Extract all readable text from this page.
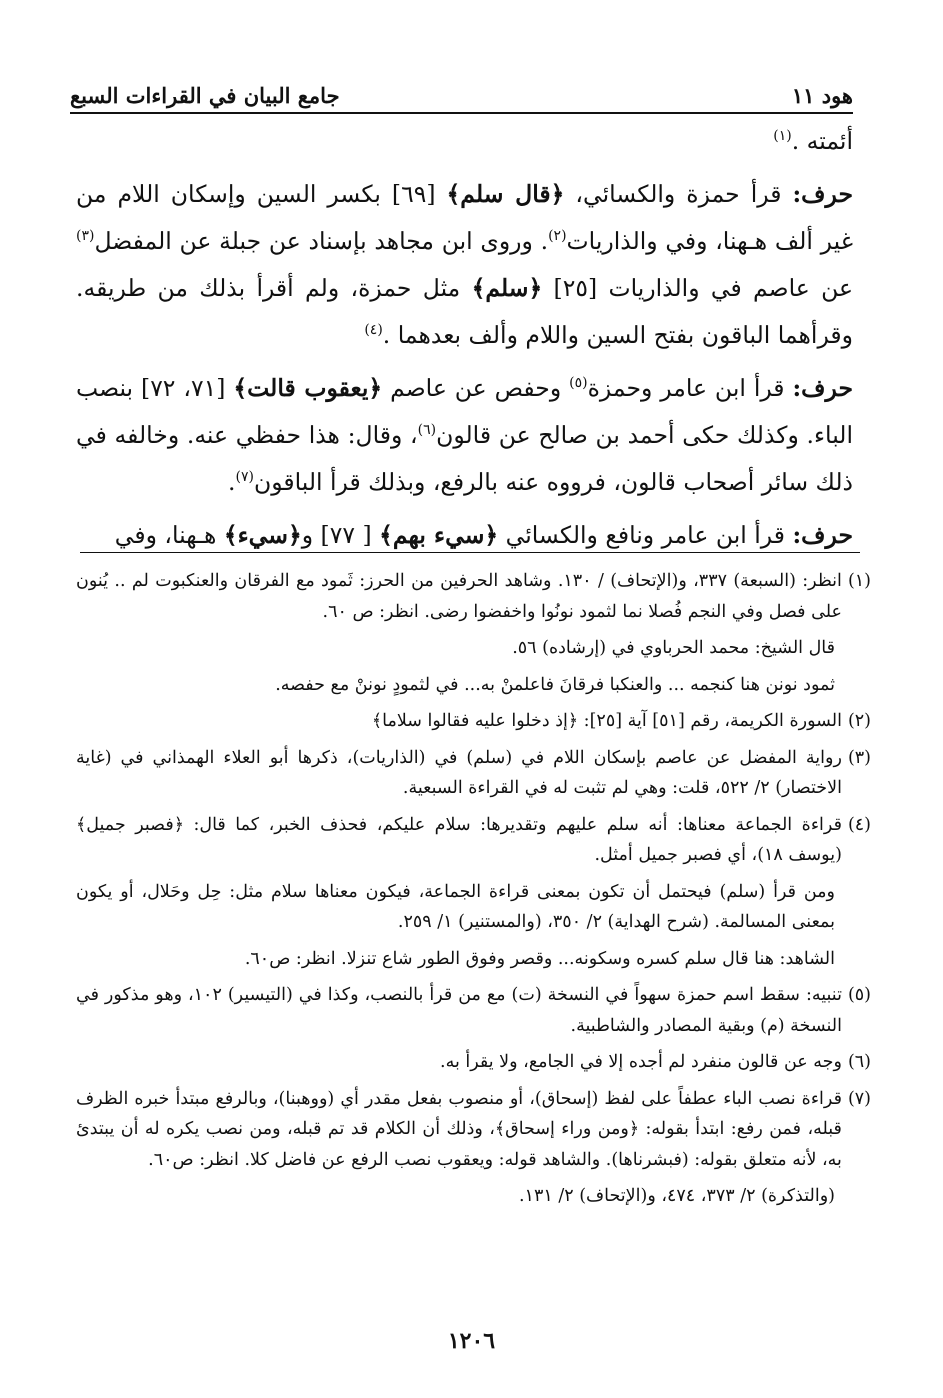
هود ١١
جامع البيان في القراءات السبع

أئمته .$^{(١)}$

حرف: قرأ حمزة والكسائي، ﴿قال سلم﴾ [٦٩] بكسر السين وإسكان اللام من غير ألف هـهنا، وفي والذاريات$^{(٢)}$. وروى ابن مجاهد بإسناد عن جبلة عن المفضل$^{(٣)}$ عن عاصم في والذاريات [٢٥] ﴿سلم﴾ مثل حمزة، ولم أقرأ بذلك من طريقه. وقرأهما الباقون بفتح السين واللام وألف بعدهما .$^{(٤)}$

حرف: قرأ ابن عامر وحمزة$^{(٥)}$ وحفص عن عاصم ﴿يعقوب قالت﴾ [٧١، ٧٢] بنصب الباء. وكذلك حكى أحمد بن صالح عن قالون$^{(٦)}$، وقال: هذا حفظي عنه. وخالفه في ذلك سائر أصحاب قالون، فرووه عنه بالرفع، وبذلك قرأ الباقون$^{(٧)}$.

حرف: قرأ ابن عامر ونافع والكسائي ﴿سيء بهم﴾ [ ٧٧] و﴿سيء﴾ هـهنا، وفي

(١)
انظر: (السبعة) ٣٣٧، و(الإتحاف) / ١٣٠. وشاهد الحرفين من الحرز: ثَمود مع الفرقان والعنكبوت لم .. يُنون على فصل وفي النجم فُصلا نما لثمود نونُوا واخفضوا رضى. انظر: ص ٦٠.
قال الشيخ: محمد الحرباوي في (إرشاده) ٥٦.
ثمود نونن هنا كنجمه ... والعنكبا فرقانَ فاعلمنْ به... في لثمودٍ نوننْ مع حفصه.
(٢)
السورة الكريمة، رقم [٥١] آية [٢٥]: ﴿إذ دخلوا عليه فقالوا سلاما﴾
(٣)
رواية المفضل عن عاصم بإسكان اللام في (سلم) في (الذاريات)، ذكرها أبو العلاء الهمذاني في (غاية الاختصار) ٢/ ٥٢٢، قلت: وهي لم تثبت له في القراءة السبعية.
(٤)
قراءة الجماعة معناها: أنه سلم عليهم وتقديرها: سلام عليكم، فحذف الخبر، كما قال: ﴿فصبر جميل﴾ (يوسف ١٨)، أي فصبر جميل أمثل.
ومن قرأ (سلم) فيحتمل أن تكون بمعنى قراءة الجماعة، فيكون معناها سلام مثل: حِل وحَلال، أو يكون بمعنى المسالمة. (شرح الهداية) ٢/ ٣٥٠، (والمستنير) ١/ ٢٥٩.
الشاهد: هنا قال سلم كسره وسكونه... وقصر وفوق الطور شاع تنزلا. انظر: ص٦٠.
(٥)
تنبيه: سقط اسم حمزة سهواً في النسخة (ت) مع من قرأ بالنصب، وكذا في (التيسير) ١٠٢، وهو مذكور في النسخة (م) وبقية المصادر والشاطبية.
(٦)
وجه عن قالون منفرد لم أجده إلا في الجامع، ولا يقرأ به.
(٧)
قراءة نصب الباء عطفاً على لفظ (إسحاق)، أو منصوب بفعل مقدر أي (ووهبنا)، وبالرفع مبتدأ خبره الظرف قبله، فمن رفع: ابتدأ بقوله: ﴿ومن وراء إسحاق﴾، وذلك أن الكلام قد تم قبله، ومن نصب يكره له أن يبتدئ به، لأنه متعلق بقوله: (فبشرناها). والشاهد قوله: ويعقوب نصب الرفع عن فاضل كلا. انظر: ص٦٠.
(والتذكرة) ٢/ ٣٧٣، ٤٧٤، و(الإتحاف) ٢/ ١٣١.
١٢٠٦
